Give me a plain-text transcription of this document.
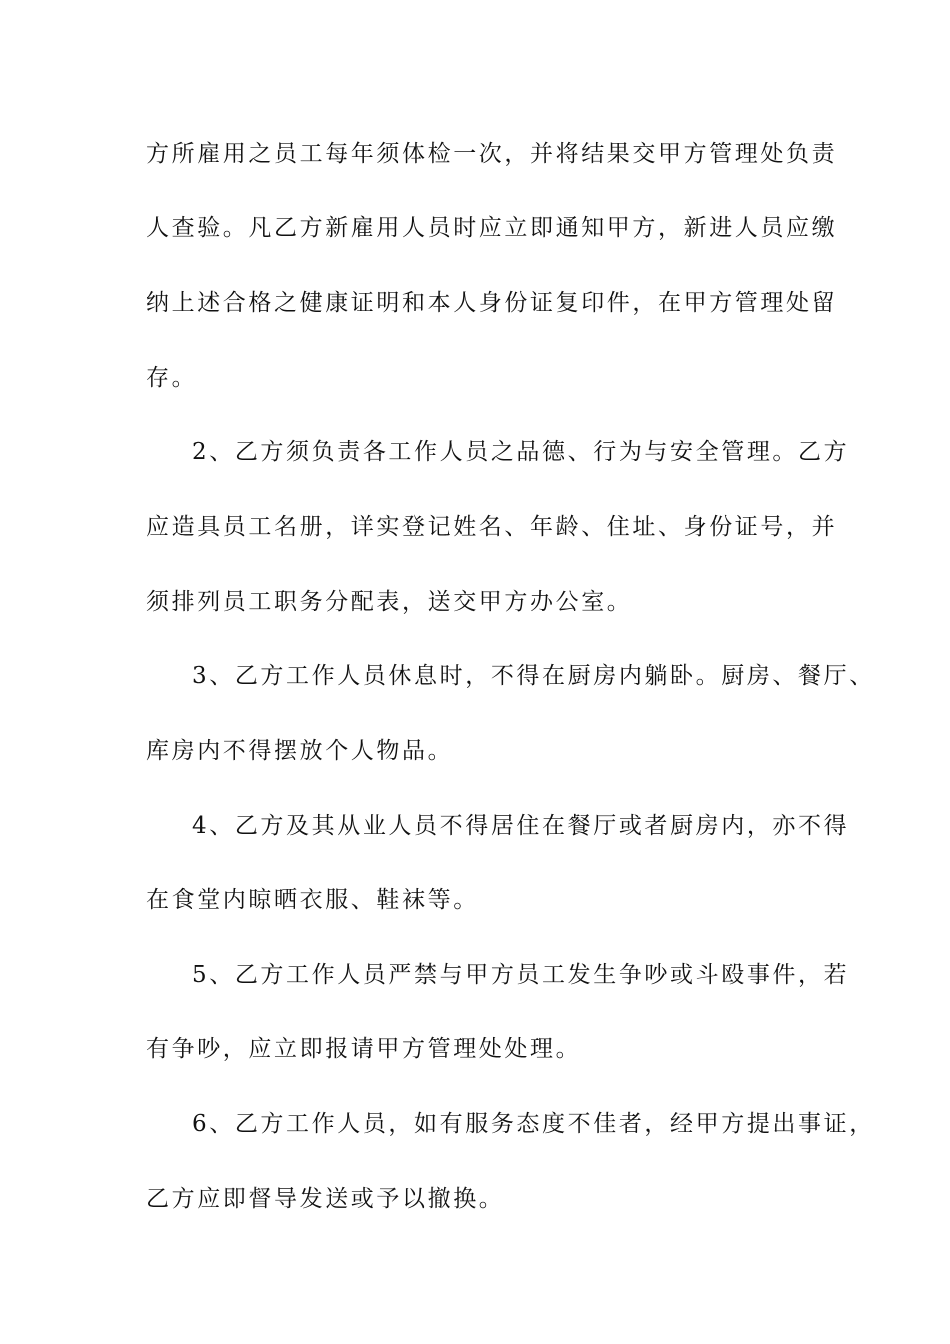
方所雇用之员工每年须体检一次，并将结果交甲方管理处负责
人查验。凡乙方新雇用人员时应立即通知甲方，新进人员应缴
纳上述合格之健康证明和本人身份证复印件，在甲方管理处留
存。
2、乙方须负责各工作人员之品德、行为与安全管理。乙方
应造具员工名册，详实登记姓名、年龄、住址、身份证号，并
须排列员工职务分配表，送交甲方办公室。
3、乙方工作人员休息时，不得在厨房内躺卧。厨房、餐厅、
库房内不得摆放个人物品。
4、乙方及其从业人员不得居住在餐厅或者厨房内，亦不得
在食堂内晾晒衣服、鞋袜等。
5、乙方工作人员严禁与甲方员工发生争吵或斗殴事件，若
有争吵，应立即报请甲方管理处处理。
6、乙方工作人员，如有服务态度不佳者，经甲方提出事证，
乙方应即督导发送或予以撤换。
